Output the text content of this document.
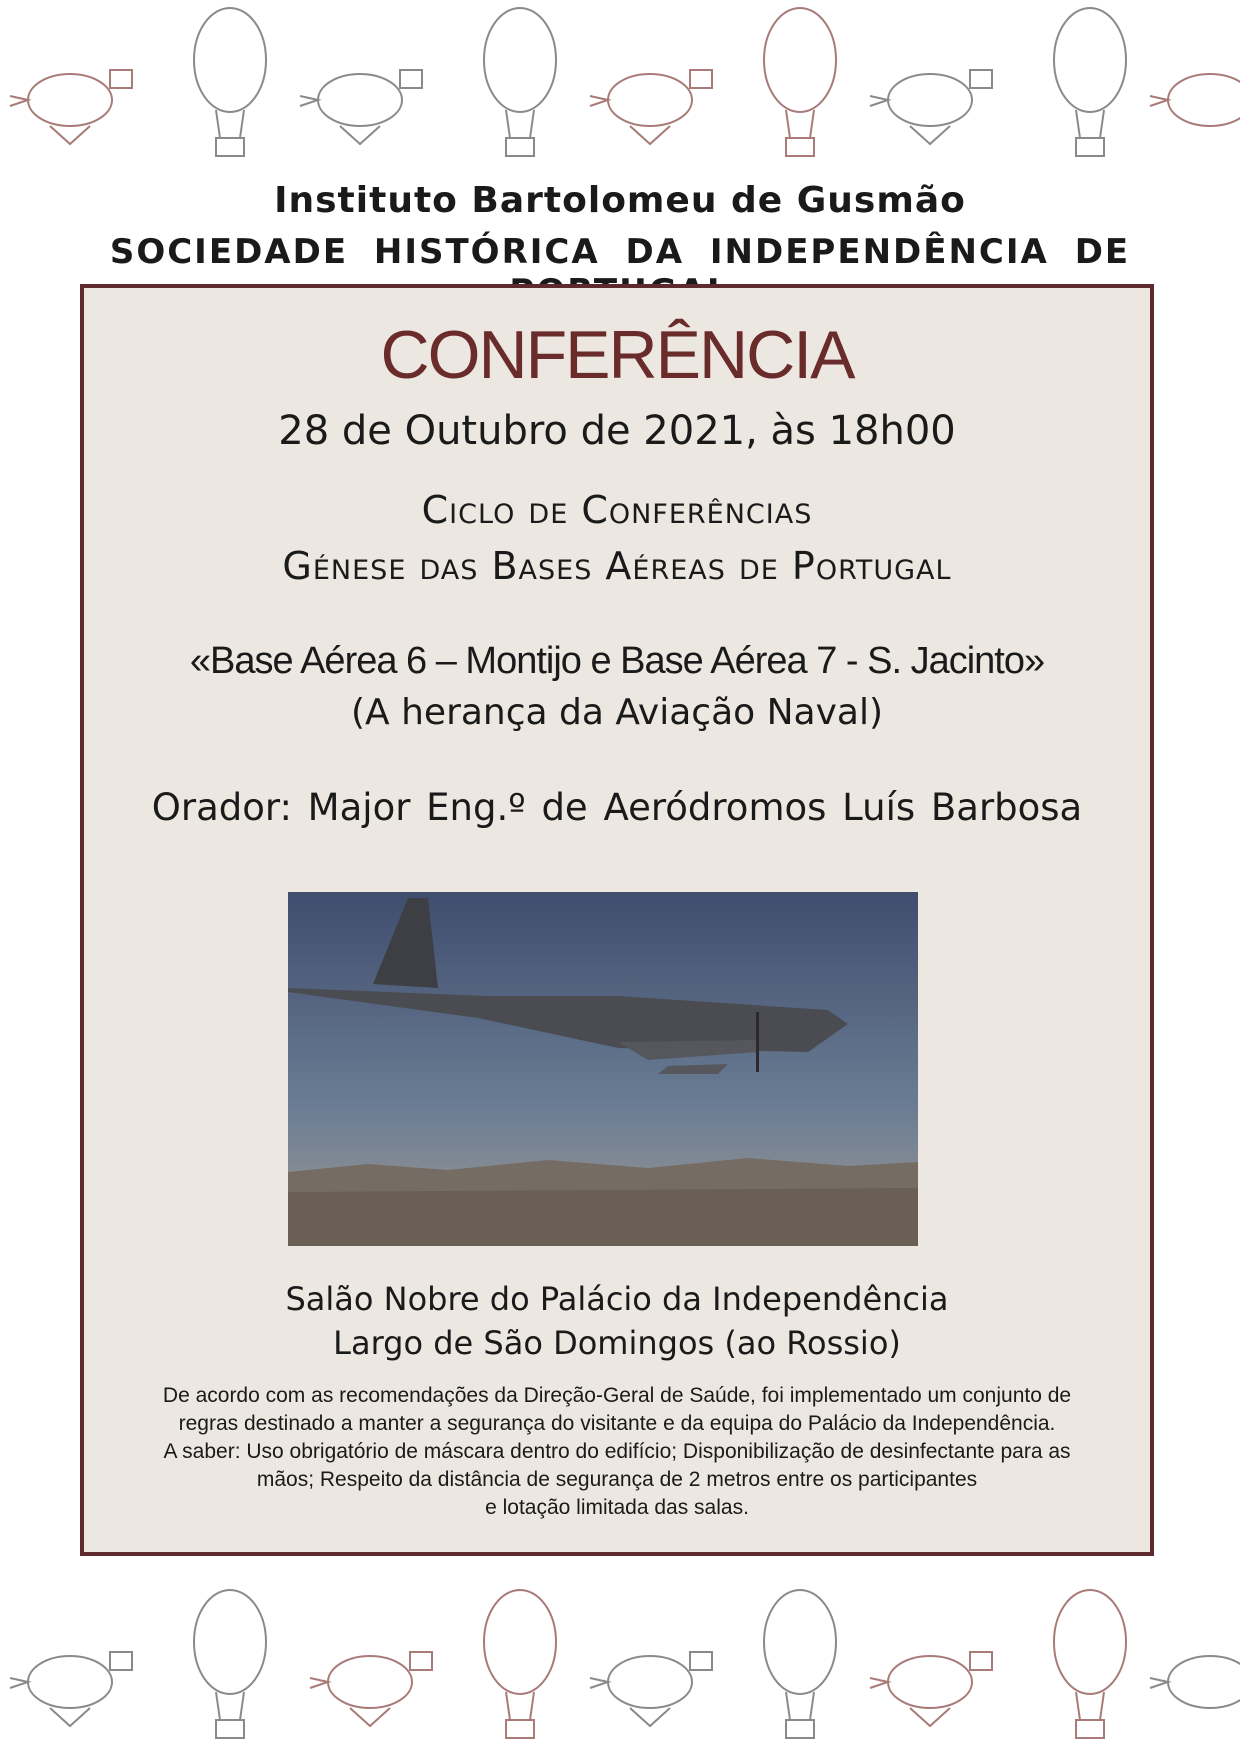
Instituto Bartolomeu de Gusmão
SOCIEDADE HISTÓRICA DA INDEPENDÊNCIA DE
CONFERÊNCIA
28 de Outubro de 2021, às 18h00
Ciclo de Conferências
Génese das Bases Aéreas de Portugal
«Base Aérea 6 – Montijo e Base Aérea 7 - S. Jacinto»
(A herança da Aviação Naval)
Orador: Major Eng.º de Aeródromos Luís Barbosa
Salão Nobre do Palácio da Independência
Largo de São Domingos (ao Rossio)
De acordo com as recomendações da Direção-Geral de Saúde, foi implementado um conjunto de
regras destinado a manter a segurança do visitante e da equipa do Palácio da Independência.
A saber: Uso obrigatório de máscara dentro do edifício; Disponibilização de desinfectante para as
mãos; Respeito da distância de segurança de 2 metros entre os participantes
e lotação limitada das salas.
